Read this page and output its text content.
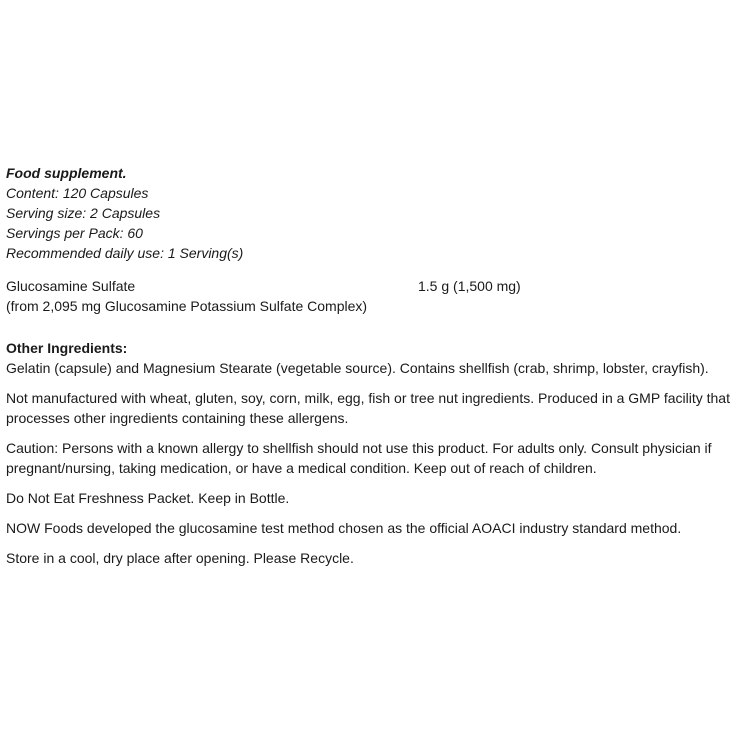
Food supplement.
Content: 120 Capsules
Serving size: 2 Capsules
Servings per Pack: 60
Recommended daily use: 1 Serving(s)
Glucosamine Sulfate	1.5 g (1,500 mg)
(from 2,095 mg Glucosamine Potassium Sulfate Complex)
Other Ingredients:
Gelatin (capsule) and Magnesium Stearate (vegetable source). Contains shellfish (crab, shrimp, lobster, crayfish).
Not manufactured with wheat, gluten, soy, corn, milk, egg, fish or tree nut ingredients. Produced in a GMP facility that processes other ingredients containing these allergens.
Caution: Persons with a known allergy to shellfish should not use this product. For adults only. Consult physician if pregnant/nursing, taking medication, or have a medical condition. Keep out of reach of children.
Do Not Eat Freshness Packet. Keep in Bottle.
NOW Foods developed the glucosamine test method chosen as the official AOACI industry standard method.
Store in a cool, dry place after opening. Please Recycle.
